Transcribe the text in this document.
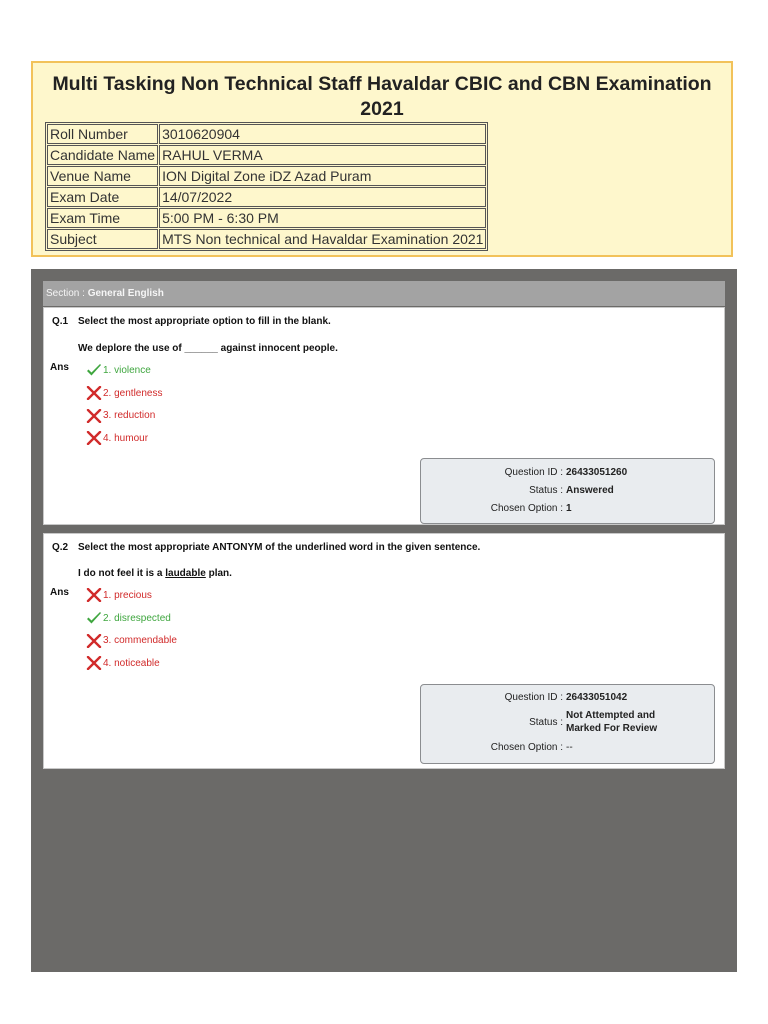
Multi Tasking Non Technical Staff Havaldar CBIC and CBN Examination 2021
Roll Number	3010620904
Candidate Name	RAHUL VERMA
Venue Name	ION Digital Zone iDZ Azad Puram
Exam Date	14/07/2022
Exam Time	5:00 PM - 6:30 PM
Subject	MTS Non technical and Havaldar Examination 2021
Section : General English
Q.1 Select the most appropriate option to fill in the blank.
We deplore the use of ______ against innocent people.
Ans	1. violence
2. gentleness
3. reduction
4. humour
Question ID : 26433051260
Status : Answered
Chosen Option : 1
Q.2 Select the most appropriate ANTONYM of the underlined word in the given sentence.
I do not feel it is a laudable plan.
Ans	1. precious
2. disrespected
3. commendable
4. noticeable
Question ID : 26433051042
Status :
Not Attempted and
Marked For Review
Chosen Option : --
